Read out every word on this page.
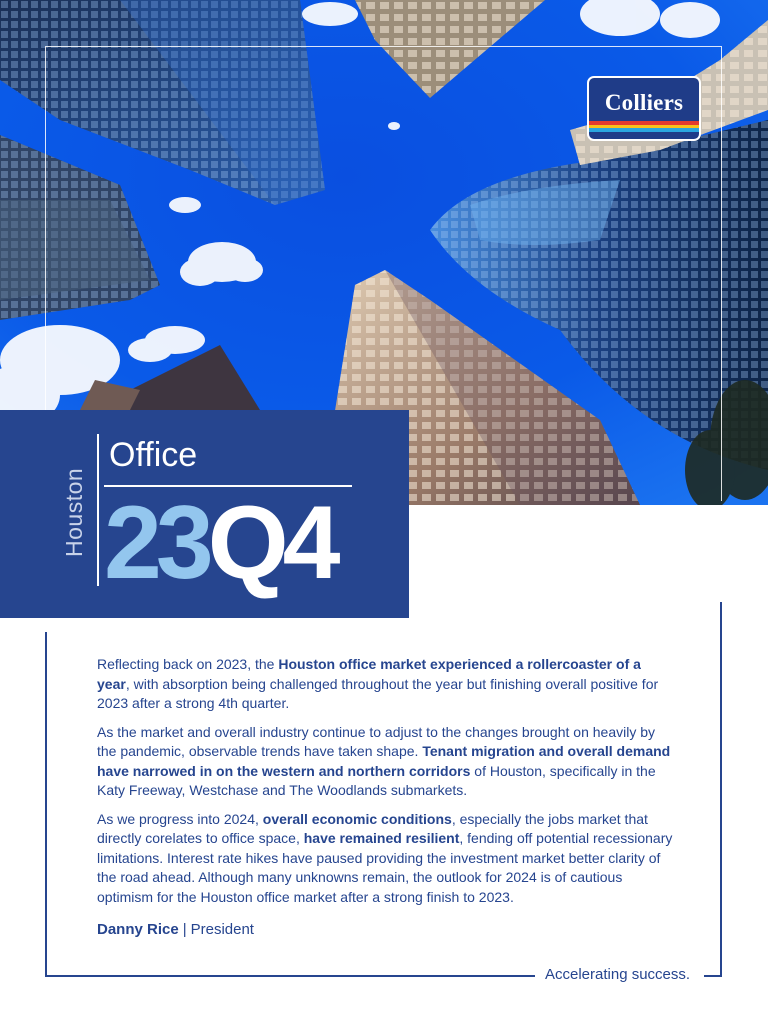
Colliers
Houston
Office
23Q4
Accelerating success.

Reflecting back on 2023, the Houston office market experienced a rollercoaster of a year, with absorption being challenged throughout the year but finishing overall positive for 2023 after a strong 4th quarter.

As the market and overall industry continue to adjust to the changes brought on heavily by the pandemic, observable trends have taken shape. Tenant migration and overall demand have narrowed in on the western and northern corridors of Houston, specifically in the Katy Freeway, Westchase and The Woodlands submarkets.

As we progress into 2024, overall economic conditions, especially the jobs market that directly corelates to office space, have remained resilient, fending off potential recessionary limitations. Interest rate hikes have paused providing the investment market better clarity of the road ahead. Although many unknowns remain, the outlook for 2024 is of cautious optimism for the Houston office market after a strong finish to 2023.

Danny Rice | President
